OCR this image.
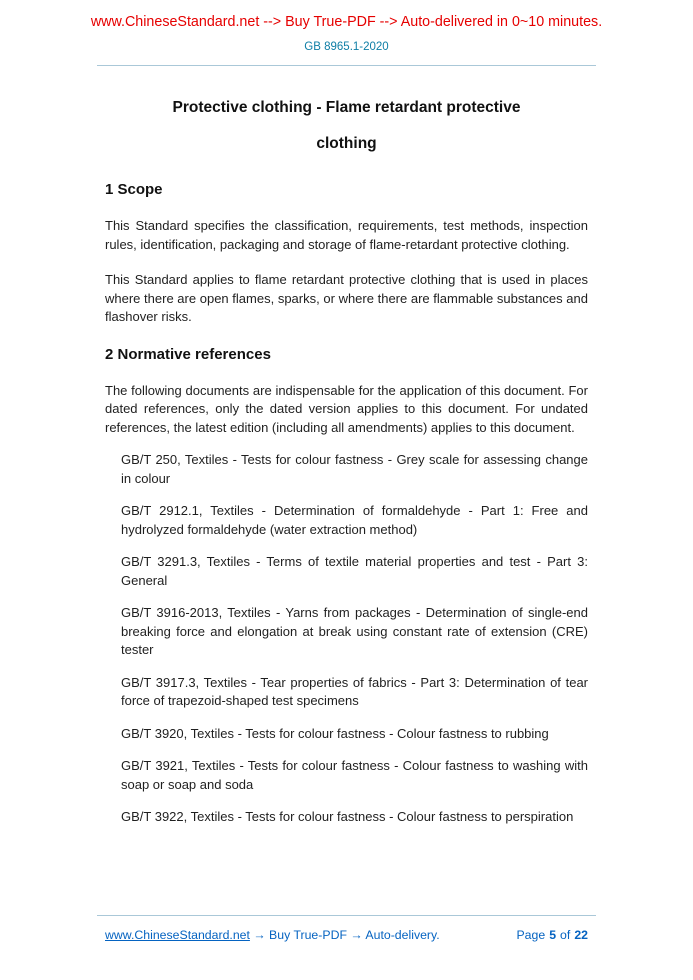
www.ChineseStandard.net --> Buy True-PDF --> Auto-delivered in 0~10 minutes.
GB 8965.1-2020
Protective clothing - Flame retardant protective
clothing
1 Scope

This Standard specifies the classification, requirements, test methods, inspection rules, identification, packaging and storage of flame-retardant protective clothing.

This Standard applies to flame retardant protective clothing that is used in places where there are open flames, sparks, or where there are flammable substances and flashover risks.

2 Normative references

The following documents are indispensable for the application of this document. For dated references, only the dated version applies to this document. For undated references, the latest edition (including all amendments) applies to this document.

GB/T 250, Textiles - Tests for colour fastness - Grey scale for assessing change in colour

GB/T 2912.1, Textiles - Determination of formaldehyde - Part 1: Free and hydrolyzed formaldehyde (water extraction method)

GB/T 3291.3, Textiles - Terms of textile material properties and test - Part 3: General

GB/T 3916-2013, Textiles - Yarns from packages - Determination of single-end breaking force and elongation at break using constant rate of extension (CRE) tester

GB/T 3917.3, Textiles - Tear properties of fabrics - Part 3: Determination of tear force of trapezoid-shaped test specimens

GB/T 3920, Textiles - Tests for colour fastness - Colour fastness to rubbing

GB/T 3921, Textiles - Tests for colour fastness - Colour fastness to washing with soap or soap and soda

GB/T 3922, Textiles - Tests for colour fastness - Colour fastness to perspiration

www.ChineseStandard.net → Buy True-PDF → Auto-delivery.	Page 5 of 22
